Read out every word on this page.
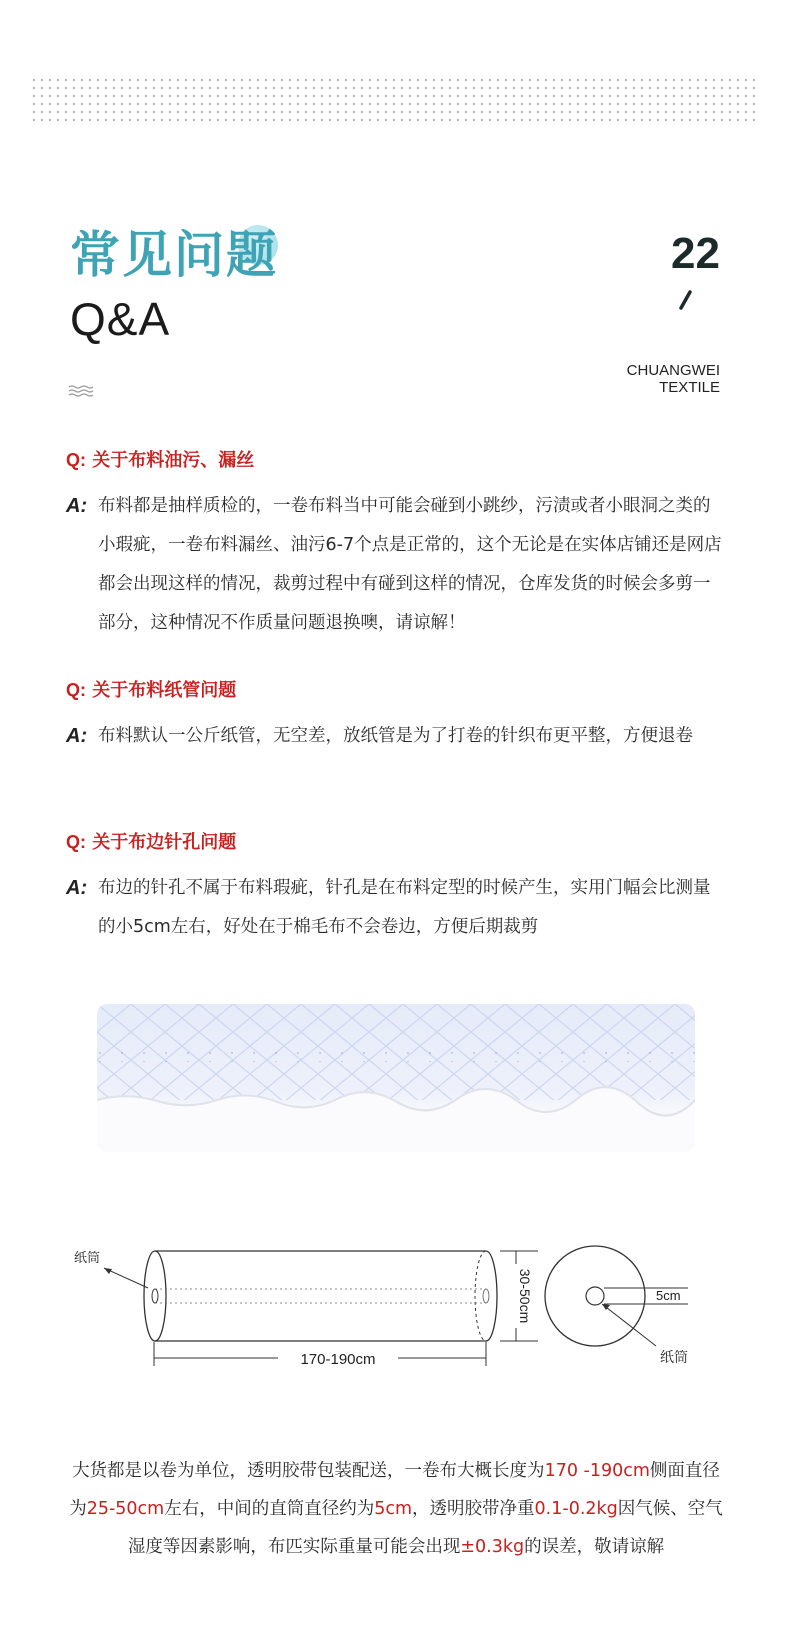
常见问题
Q&A
22
CHUANGWEI
TEXTILE
Q: 关于布料油污、漏丝
A: 布料都是抽样质检的，一卷布料当中可能会碰到小跳纱，污渍或者小眼洞之类的小瑕疵，一卷布料漏丝、油污6-7个点是正常的，这个无论是在实体店铺还是网店都会出现这样的情况，裁剪过程中有碰到这样的情况，仓库发货的时候会多剪一部分，这种情况不作质量问题退换噢，请谅解！
Q: 关于布料纸管问题
A: 布料默认一公斤纸管，无空差，放纸管是为了打卷的针织布更平整，方便退卷
Q: 关于布边针孔问题
A: 布边的针孔不属于布料瑕疵，针孔是在布料定型的时候产生，实用门幅会比测量的小5cm左右，好处在于棉毛布不会卷边，方便后期裁剪
纸筒
170-190cm
30-50cm	5cm
纸筒
大货都是以卷为单位，透明胶带包装配送，一卷布大概长度为170 -190cm侧面直径为25-50cm左右，中间的直筒直径约为5cm，透明胶带净重0.1-0.2kg因气候、空气湿度等因素影响，布匹实际重量可能会出现±0.3kg的误差，敬请谅解
